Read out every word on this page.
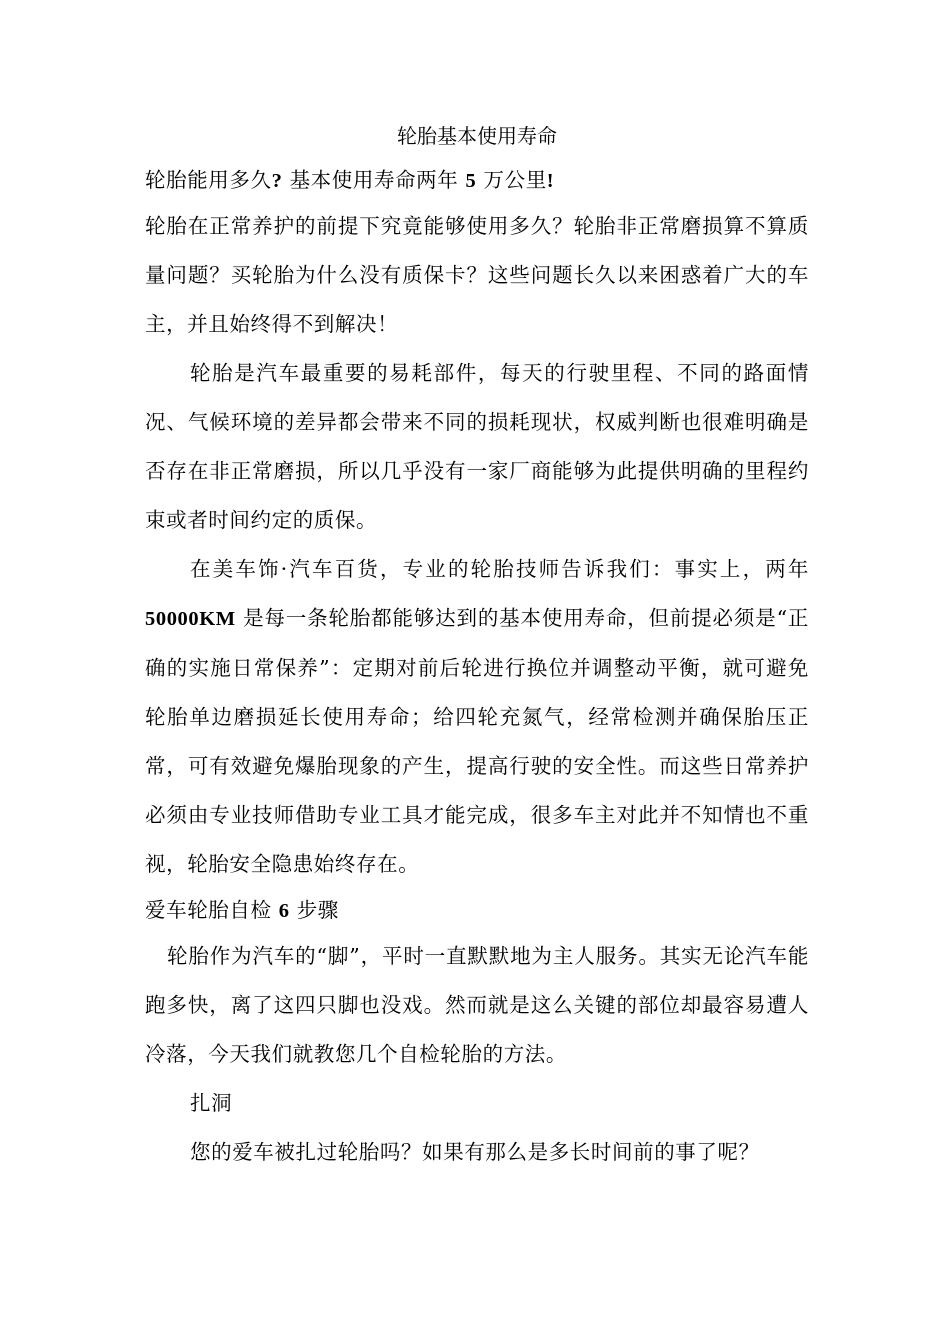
轮胎基本使用寿命
轮胎能用多久? 基本使用寿命两年 5 万公里!

轮胎在正常养护的前提下究竟能够使用多久？轮胎非正常磨损算不算质量问题？买轮胎为什么没有质保卡？这些问题长久以来困惑着广大的车主，并且始终得不到解决！

轮胎是汽车最重要的易耗部件，每天的行驶里程、不同的路面情况、气候环境的差异都会带来不同的损耗现状，权威判断也很难明确是否存在非正常磨损，所以几乎没有一家厂商能够为此提供明确的里程约束或者时间约定的质保。

在美车饰·汽车百货，专业的轮胎技师告诉我们：事实上，两年 50000KM 是每一条轮胎都能够达到的基本使用寿命，但前提必须是“正确的实施日常保养”：定期对前后轮进行换位并调整动平衡，就可避免轮胎单边磨损延长使用寿命；给四轮充氮气，经常检测并确保胎压正常，可有效避免爆胎现象的产生，提高行驶的安全性。而这些日常养护必须由专业技师借助专业工具才能完成，很多车主对此并不知情也不重视，轮胎安全隐患始终存在。

爱车轮胎自检 6 步骤

轮胎作为汽车的“脚”，平时一直默默地为主人服务。其实无论汽车能跑多快，离了这四只脚也没戏。然而就是这么关键的部位却最容易遭人冷落，今天我们就教您几个自检轮胎的方法。

扎洞

您的爱车被扎过轮胎吗？如果有那么是多长时间前的事了呢？
